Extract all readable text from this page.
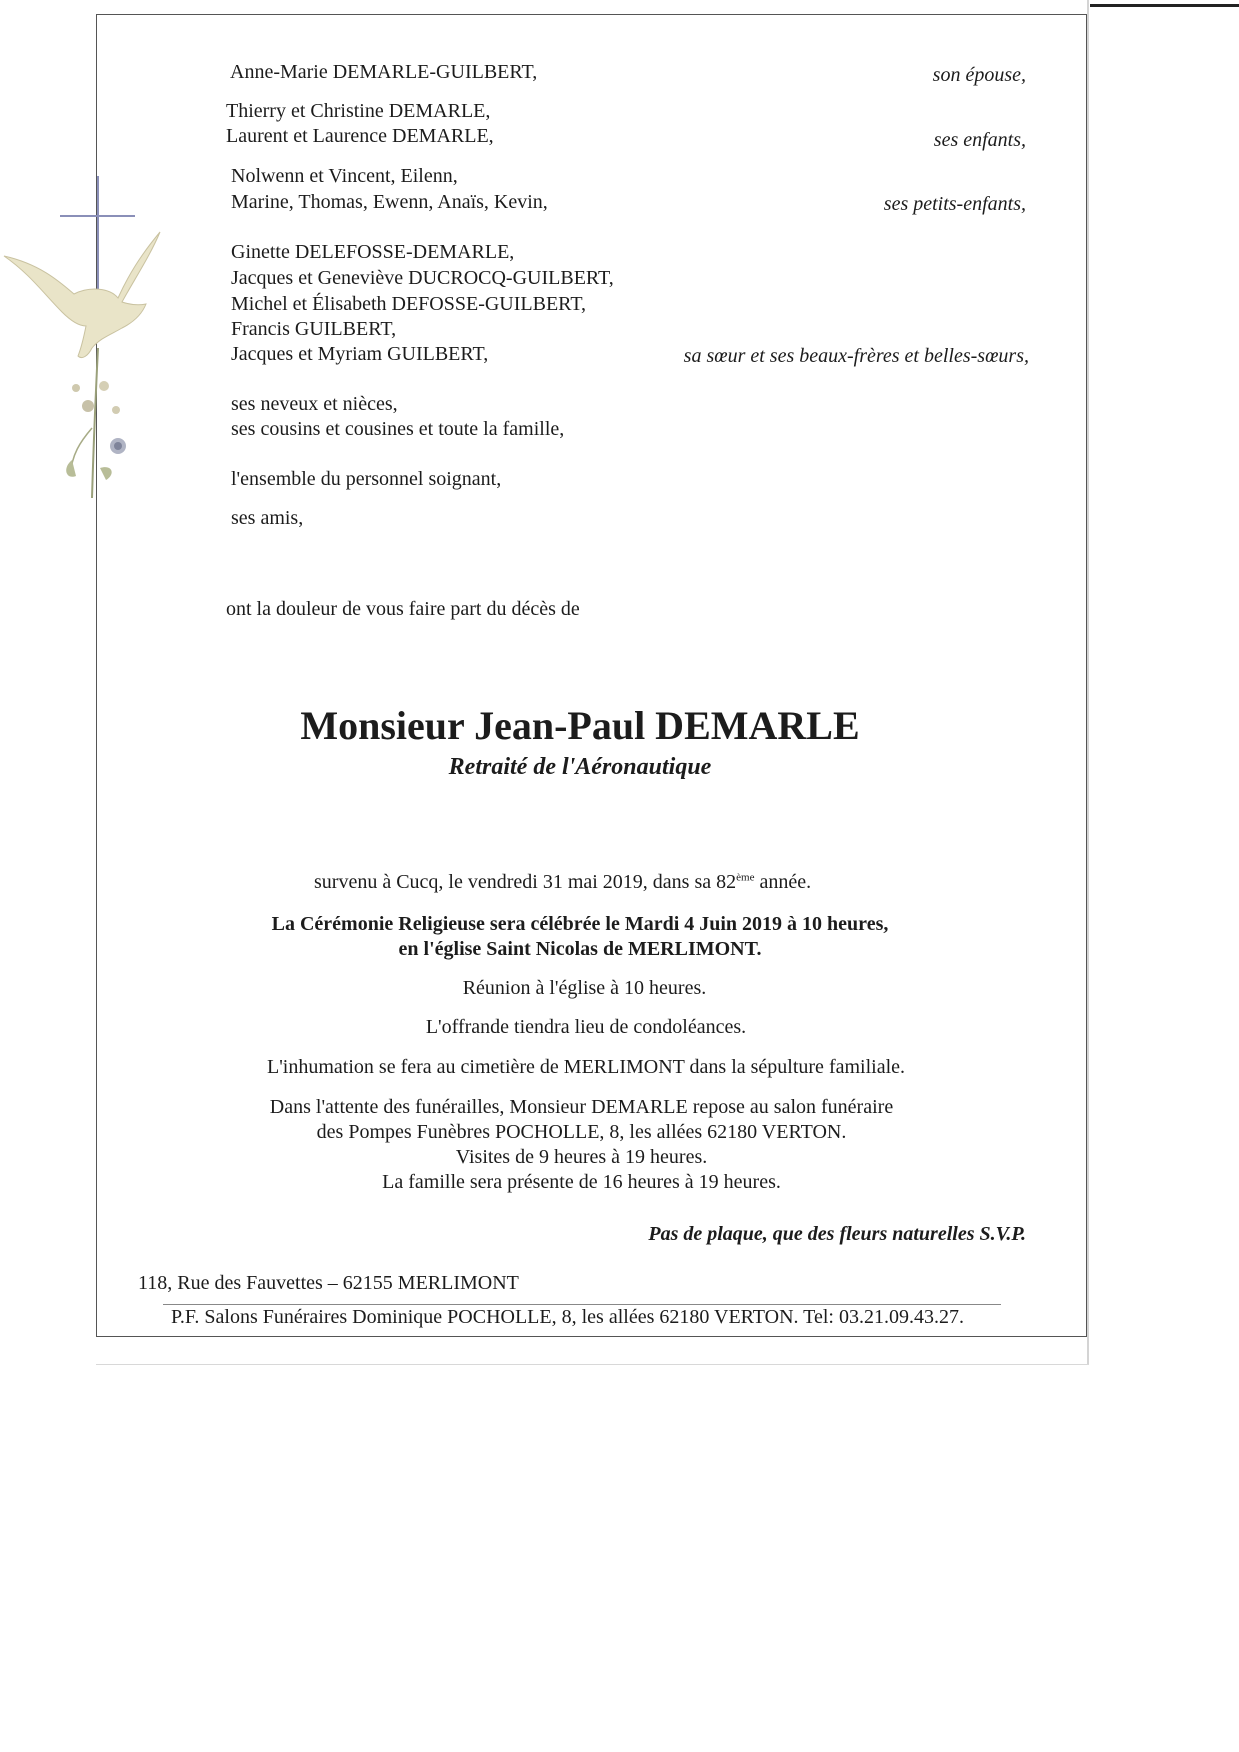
Anne-Marie DEMARLE-GUILBERT,	son épouse,

Thierry et Christine DEMARLE,

Laurent et Laurence DEMARLE,	ses enfants,

Nolwenn et Vincent, Eilenn,

Marine, Thomas, Ewenn, Anaïs, Kevin,	ses petits-enfants,

Ginette DELEFOSSE-DEMARLE,

Jacques et Geneviève DUCROCQ-GUILBERT,

Michel et Élisabeth DEFOSSE-GUILBERT,

Francis GUILBERT,

Jacques et Myriam GUILBERT,	sa sœur et ses beaux-frères et belles-sœurs,

ses neveux et nièces,

ses cousins et cousines et toute la famille,

l'ensemble du personnel soignant,

ses amis,

ont la douleur de vous faire part du décès de

Monsieur Jean-Paul DEMARLE
Retraité de l'Aéronautique

survenu à Cucq, le vendredi 31 mai 2019, dans sa 82ème année.

La Cérémonie Religieuse sera célébrée le Mardi 4 Juin 2019 à 10 heures,

en l'église Saint Nicolas de MERLIMONT.

Réunion à l'église à 10 heures.

L'offrande tiendra lieu de condoléances.

L'inhumation se fera au cimetière de MERLIMONT dans la sépulture familiale.

Dans l'attente des funérailles, Monsieur DEMARLE repose au salon funéraire

des Pompes Funèbres POCHOLLE, 8, les allées 62180 VERTON.

Visites de 9 heures à 19 heures.

La famille sera présente de 16 heures à 19 heures.

Pas de plaque, que des fleurs naturelles S.V.P.

118, Rue des Fauvettes – 62155 MERLIMONT

P.F. Salons Funéraires Dominique POCHOLLE, 8, les allées 62180 VERTON. Tel: 03.21.09.43.27.
